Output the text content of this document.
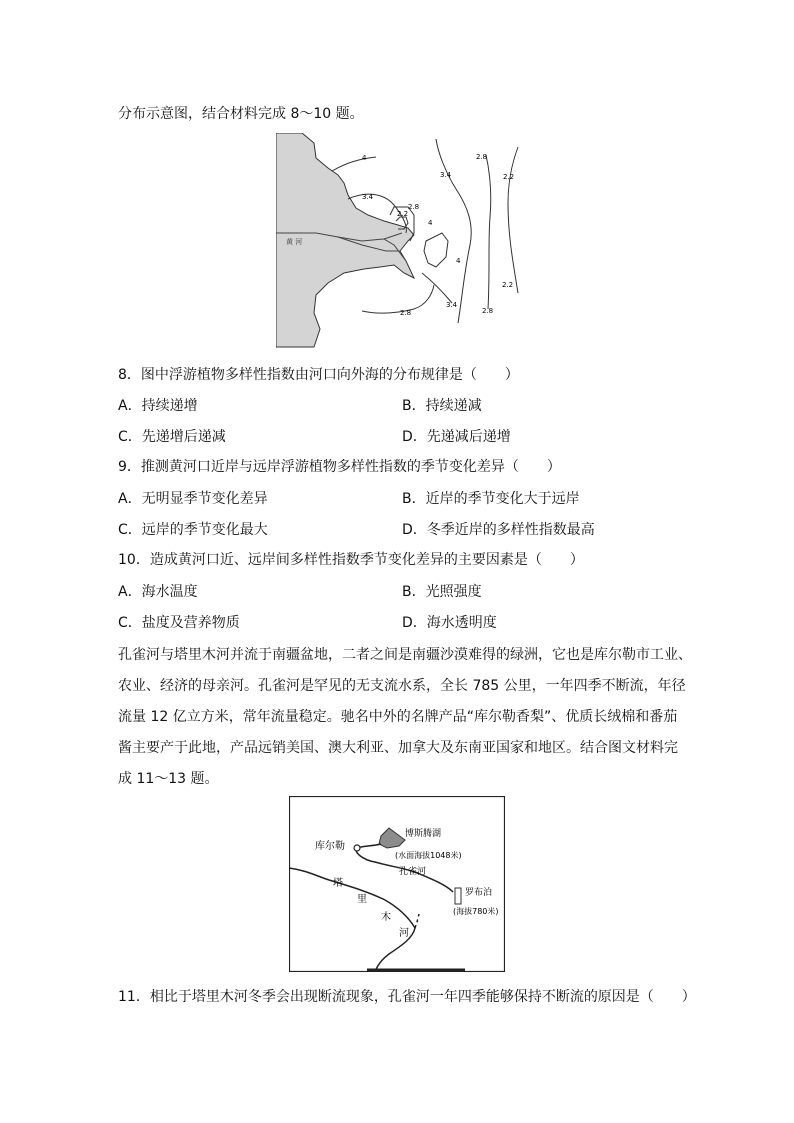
分布示意图，结合材料完成 8～10 题。
黄 河
4
3.4
2.8
2.2
2.8
2.2
3.4
4
4
2.2
3.4
2.8
2.8
8．图中浮游植物多样性指数由河口向外海的分布规律是（　　）
A．持续递增	B．持续递减
C．先递增后递减	D．先递减后递增
9．推测黄河口近岸与远岸浮游植物多样性指数的季节变化差异（　　）
A．无明显季节变化差异	B．近岸的季节变化大于远岸
C．远岸的季节变化最大	D．冬季近岸的多样性指数最高
10．造成黄河口近、远岸间多样性指数季节变化差异的主要因素是（　　）
A．海水温度	B．光照强度
C．盐度及营养物质	D．海水透明度
孔雀河与塔里木河并流于南疆盆地，二者之间是南疆沙漠难得的绿洲，它也是库尔勒市工业、
农业、经济的母亲河。孔雀河是罕见的无支流水系，全长 785 公里，一年四季不断流，年径
流量 12 亿立方米，常年流量稳定。驰名中外的名牌产品“库尔勒香梨”、优质长绒棉和番茄
酱主要产于此地，产品远销美国、澳大利亚、加拿大及东南亚国家和地区。结合图文材料完
成 11～13 题。
库尔勒
博斯腾湖
(水面海拔1048米)
孔雀河
罗布泊
(海拔780米)
塔
里
木
河
11．相比于塔里木河冬季会出现断流现象，孔雀河一年四季能够保持不断流的原因是（　　）
